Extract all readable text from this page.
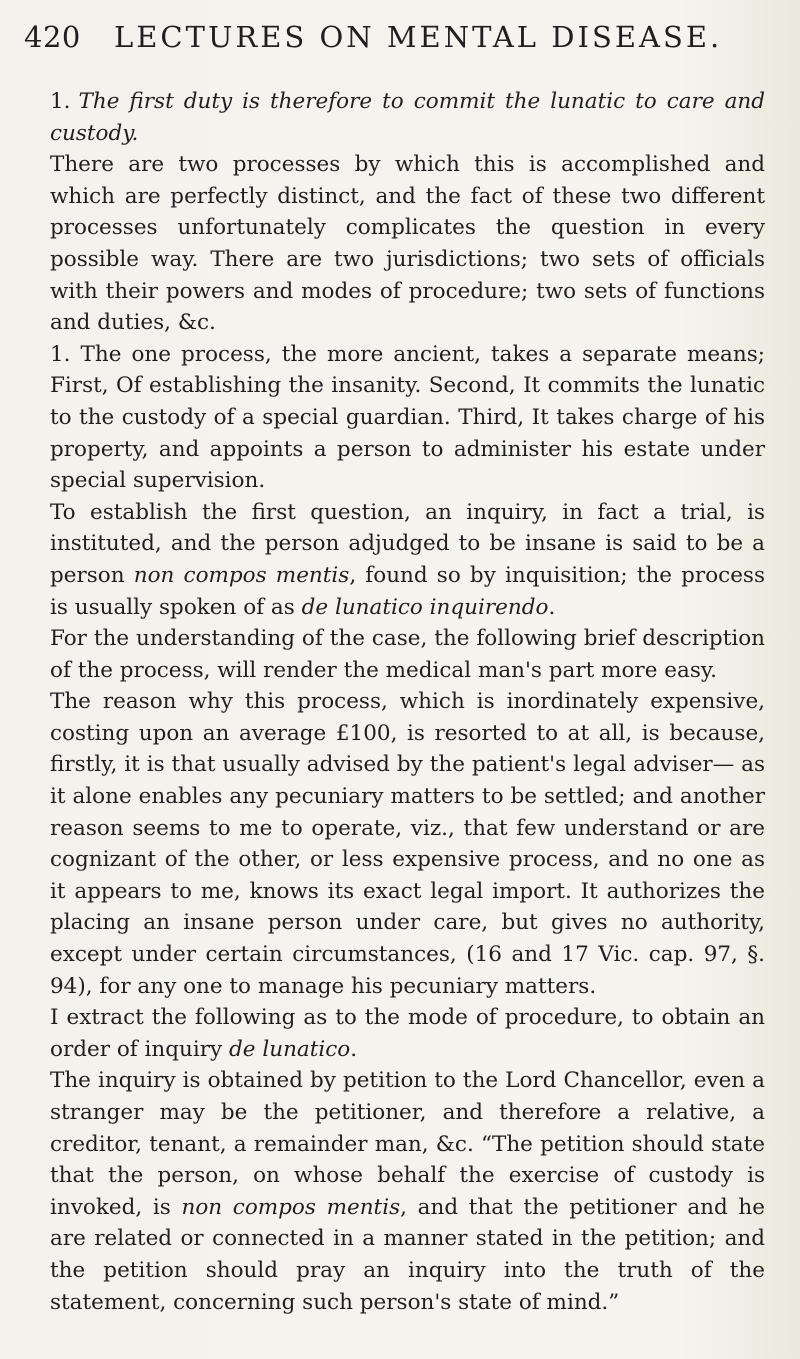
420 LECTURES ON MENTAL DISEASE.

1. The first duty is therefore to commit the lunatic to care and custody.

There are two processes by which this is accomplished and which are perfectly distinct, and the fact of these two different processes unfortunately complicates the question in every possible way. There are two jurisdictions; two sets of officials with their powers and modes of procedure; two sets of functions and duties, &c.

1. The one process, the more ancient, takes a separate means; First, Of establishing the insanity. Second, It commits the lunatic to the custody of a special guardian. Third, It takes charge of his property, and appoints a person to administer his estate under special supervision.

To establish the first question, an inquiry, in fact a trial, is instituted, and the person adjudged to be insane is said to be a person non compos mentis, found so by inquisition; the process is usually spoken of as de lunatico inquirendo.

For the understanding of the case, the following brief description of the process, will render the medical man's part more easy.

The reason why this process, which is inordinately expensive, costing upon an average £100, is resorted to at all, is because, firstly, it is that usually advised by the patient's legal adviser— as it alone enables any pecuniary matters to be settled; and another reason seems to me to operate, viz., that few understand or are cognizant of the other, or less expensive process, and no one as it appears to me, knows its exact legal import. It authorizes the placing an insane person under care, but gives no authority, except under certain circumstances, (16 and 17 Vic. cap. 97, §. 94), for any one to manage his pecuniary matters.

I extract the following as to the mode of procedure, to obtain an order of inquiry de lunatico.

The inquiry is obtained by petition to the Lord Chancellor, even a stranger may be the petitioner, and therefore a relative, a creditor, tenant, a remainder man, &c. “The petition should state that the person, on whose behalf the exercise of custody is invoked, is non compos mentis, and that the petitioner and he are related or connected in a manner stated in the petition; and the petition should pray an inquiry into the truth of the statement, concerning such person's state of mind.”
